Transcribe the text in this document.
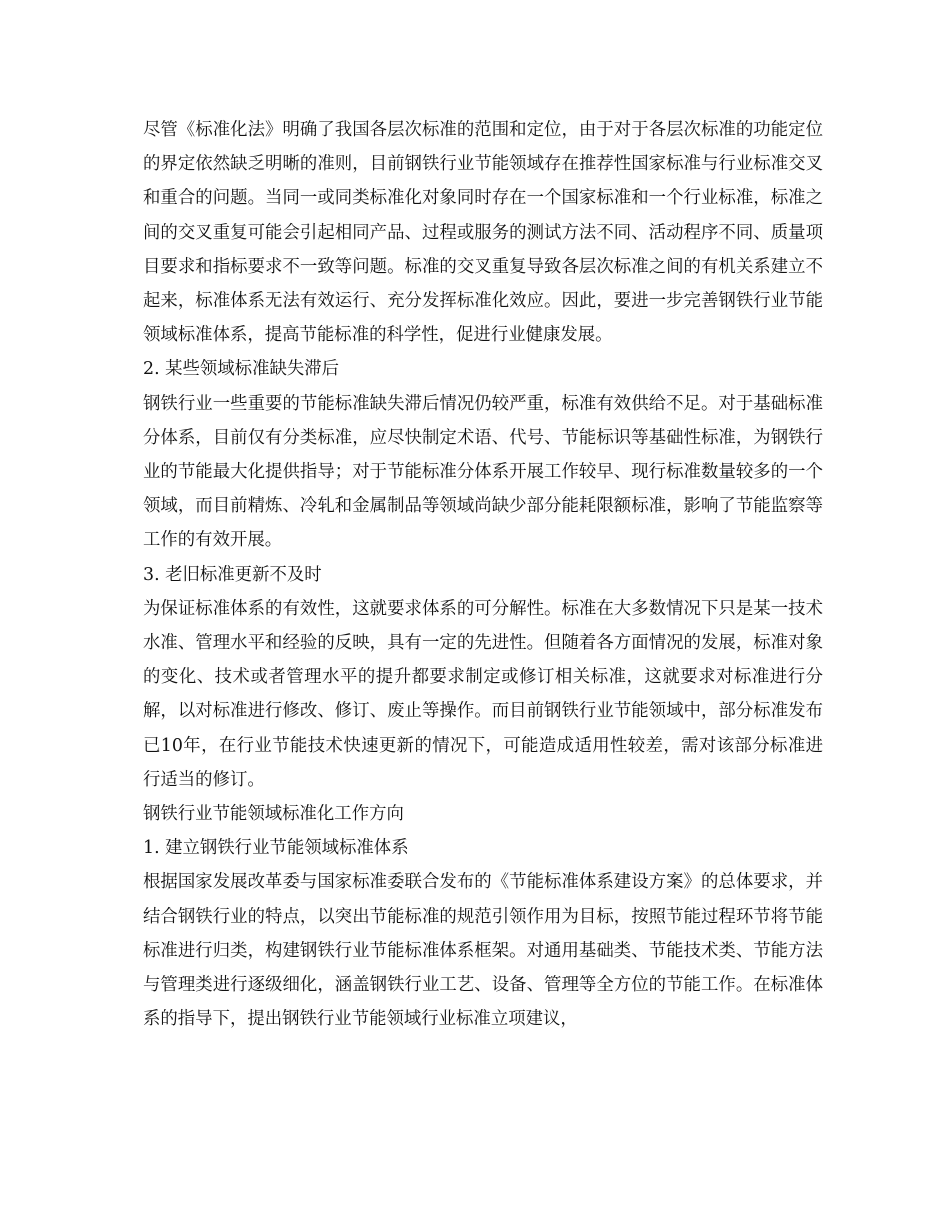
尽管《标准化法》明确了我国各层次标准的范围和定位，由于对于各层次标准的功能定位的界定依然缺乏明晰的准则，目前钢铁行业节能领域存在推荐性国家标准与行业标准交叉和重合的问题。当同一或同类标准化对象同时存在一个国家标准和一个行业标准，标准之间的交叉重复可能会引起相同产品、过程或服务的测试方法不同、活动程序不同、质量项目要求和指标要求不一致等问题。标准的交叉重复导致各层次标准之间的有机关系建立不起来，标准体系无法有效运行、充分发挥标准化效应。因此，要进一步完善钢铁行业节能领域标准体系，提高节能标准的科学性，促进行业健康发展。

2. 某些领域标准缺失滞后

钢铁行业一些重要的节能标准缺失滞后情况仍较严重，标准有效供给不足。对于基础标准分体系，目前仅有分类标准，应尽快制定术语、代号、节能标识等基础性标准，为钢铁行业的节能最大化提供指导；对于节能标准分体系开展工作较早、现行标准数量较多的一个领域，而目前精炼、冷轧和金属制品等领域尚缺少部分能耗限额标准，影响了节能监察等工作的有效开展。

3. 老旧标准更新不及时

为保证标准体系的有效性，这就要求体系的可分解性。标准在大多数情况下只是某一技术水准、管理水平和经验的反映，具有一定的先进性。但随着各方面情况的发展，标准对象的变化、技术或者管理水平的提升都要求制定或修订相关标准，这就要求对标准进行分解，以对标准进行修改、修订、废止等操作。而目前钢铁行业节能领域中，部分标准发布已10年，在行业节能技术快速更新的情况下，可能造成适用性较差，需对该部分标准进行适当的修订。

钢铁行业节能领域标准化工作方向

1. 建立钢铁行业节能领域标准体系

根据国家发展改革委与国家标准委联合发布的《节能标准体系建设方案》的总体要求，并结合钢铁行业的特点，以突出节能标准的规范引领作用为目标，按照节能过程环节将节能标准进行归类，构建钢铁行业节能标准体系框架。对通用基础类、节能技术类、节能方法与管理类进行逐级细化，涵盖钢铁行业工艺、设备、管理等全方位的节能工作。在标准体系的指导下，提出钢铁行业节能领域行业标准立项建议，
